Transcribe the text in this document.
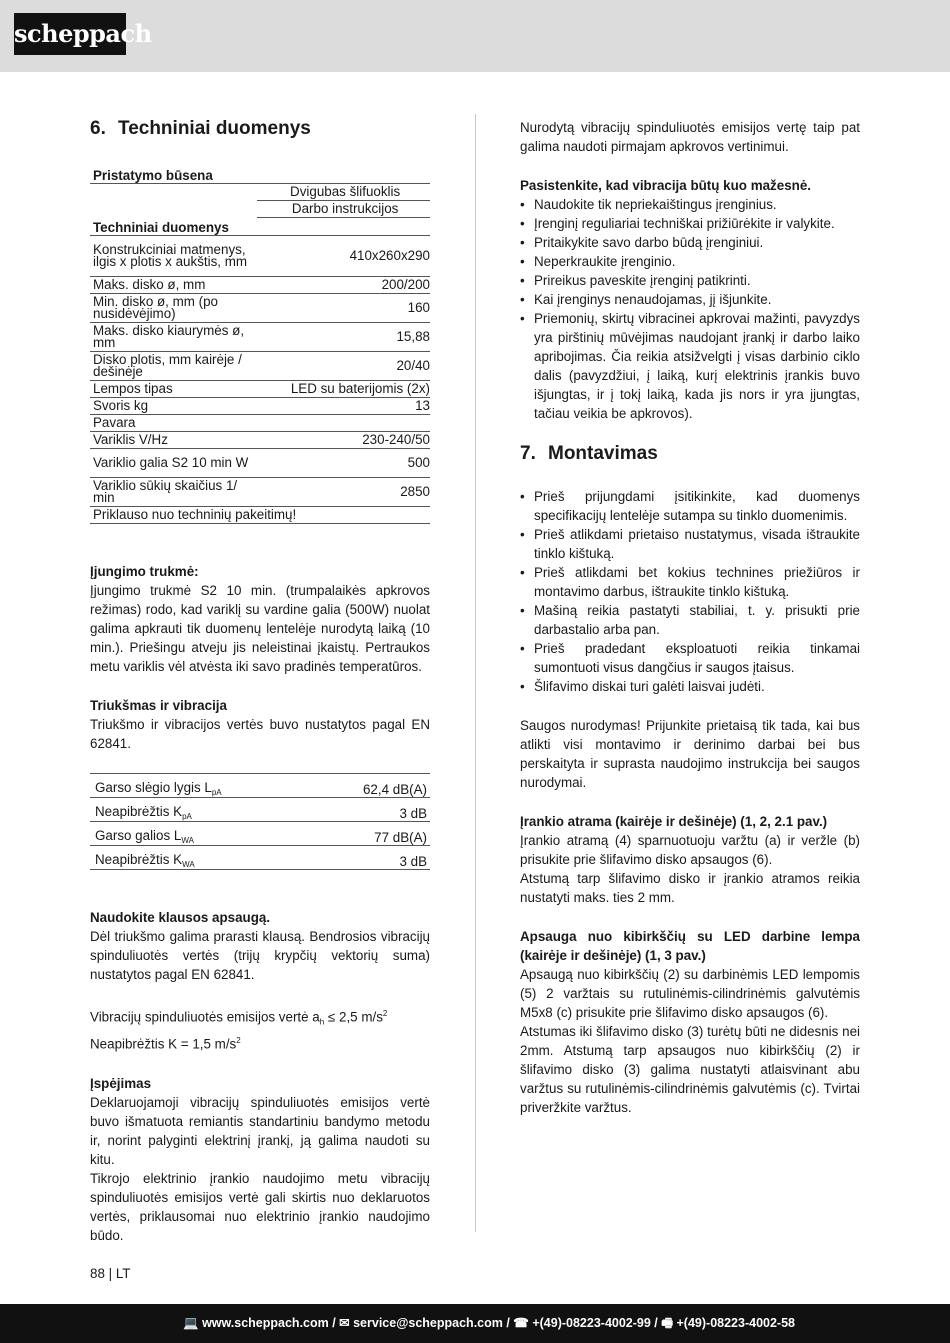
scheppach
6. Techniniai duomenys
Pristatymo būsena	
	Dvigubas šlifuoklis
	Darbo instrukcijos
Techniniai duomenys	
Konstrukciniai matmenys, ilgis x plotis x aukštis, mm	410x260x290
Maks. disko ø, mm	200/200
Min. disko ø, mm (po nusidėvėjimo)	160
Maks. disko kiaurymės ø, mm	15,88
Disko plotis, mm kairėje / dešinėje	20/40
Lempos tipas	LED su baterijomis (2x)
Svoris kg	13
Pavara	
Variklis V/Hz	230-240/50
Variklio galia S2 10 min W	500
Variklio sūkių skaičius 1/ min	2850
Priklauso nuo techninių pakeitimų!	

Įjungimo trukmė:

Įjungimo trukmė S2 10 min. (trumpalaikės apkrovos režimas) rodo, kad variklį su vardine galia (500W) nuolat galima apkrauti tik duomenų lentelėje nurodytą laiką (10 min.). Priešingu atveju jis neleistinai įkaistų. Pertraukos metu variklis vėl atvėsta iki savo pradinės temperatūros.

Triukšmas ir vibracija

Triukšmo ir vibracijos vertės buvo nustatytos pagal EN 62841.

Garso slėgio lygis $L_{pA}$	62,4 dB(A)
Neapibrėžtis $K_{pA}$	3 dB
Garso galios $L_{WA}$	77 dB(A)
Neapibrėžtis $K_{WA}$	3 dB

Naudokite klausos apsaugą.

Dėl triukšmo galima prarasti klausą. Bendrosios vibracijų spinduliuotės vertės (trijų krypčių vektorių suma) nustatytos pagal EN 62841.

Vibracijų spinduliuotės emisijos vertė $a_h \le 2,5$ $m/s^2$

Neapibrėžtis K = 1,5 $m/s^2$

Įspėjimas

Deklaruojamoji vibracijų spinduliuotės emisijos vertė buvo išmatuota remiantis standartiniu bandymo metodu ir, norint palyginti elektrinį įrankį, ją galima naudoti su kitu.

Tikrojo elektrinio įrankio naudojimo metu vibracijų spinduliuotės emisijos vertė gali skirtis nuo deklaruotos vertės, priklausomai nuo elektrinio įrankio naudojimo būdo.

Nurodytą vibracijų spinduliuotės emisijos vertę taip pat galima naudoti pirmajam apkrovos vertinimui.

Pasistenkite, kad vibracija būtų kuo mažesnė.

• Naudokite tik nepriekaištingus įrenginius.
• Įrenginį reguliariai techniškai prižiūrėkite ir valykite.
• Pritaikykite savo darbo būdą įrenginiui.
• Neperkraukite įrenginio.
• Prireikus paveskite įrenginį patikrinti.
• Kai įrenginys nenaudojamas, jį išjunkite.
• Priemonių, skirtų vibracinei apkrovai mažinti, pavyzdys yra pirštinių mūvėjimas naudojant įrankį ir darbo laiko apribojimas. Čia reikia atsižvelgti į visas darbinio ciklo dalis (pavyzdžiui, į laiką, kurį elektrinis įrankis buvo išjungtas, ir į tokį laiką, kada jis nors ir yra įjungtas, tačiau veikia be apkrovos).
7. Montavimas
• Prieš prijungdami įsitikinkite, kad duomenys specifikacijų lentelėje sutampa su tinklo duomenimis.
• Prieš atlikdami prietaiso nustatymus, visada ištraukite tinklo kištuką.
• Prieš atlikdami bet kokius technines priežiūros ir montavimo darbus, ištraukite tinklo kištuką.
• Mašiną reikia pastatyti stabiliai, t. y. prisukti prie darbastalio arba pan.
• Prieš pradedant eksploatuoti reikia tinkamai sumontuoti visus dangčius ir saugos įtaisus.
• Šlifavimo diskai turi galėti laisvai judėti.

Saugos nurodymas! Prijunkite prietaisą tik tada, kai bus atlikti visi montavimo ir derinimo darbai bei bus perskaityta ir suprasta naudojimo instrukcija bei saugos nurodymai.

Įrankio atrama (kairėje ir dešinėje) (1, 2, 2.1 pav.)

Įrankio atramą (4) sparnuotuoju varžtu (a) ir veržle (b) prisukite prie šlifavimo disko apsaugos (6).

Atstumą tarp šlifavimo disko ir įrankio atramos reikia nustatyti maks. ties 2 mm.

Apsauga nuo kibirkščių su LED darbine lempa (kairėje ir dešinėje) (1, 3 pav.)

Apsaugą nuo kibirkščių (2) su darbinėmis LED lempomis (5) 2 varžtais su rutulinėmis-cilindrinėmis galvutėmis M5x8 (c) prisukite prie šlifavimo disko apsaugos (6).

Atstumas iki šlifavimo disko (3) turėtų būti ne didesnis nei 2mm. Atstumą tarp apsaugos nuo kibirkščių (2) ir šlifavimo disko (3) galima nustatyti atlaisvinant abu varžtus su rutulinėmis-cilindrinėmis galvutėmis (c). Tvirtai priveržkite varžtus.

88 | LT
💻 www.scheppach.com / ✉ service@scheppach.com / ☎ +(49)-08223-4002-99 / 🖷 +(49)-08223-4002-58
